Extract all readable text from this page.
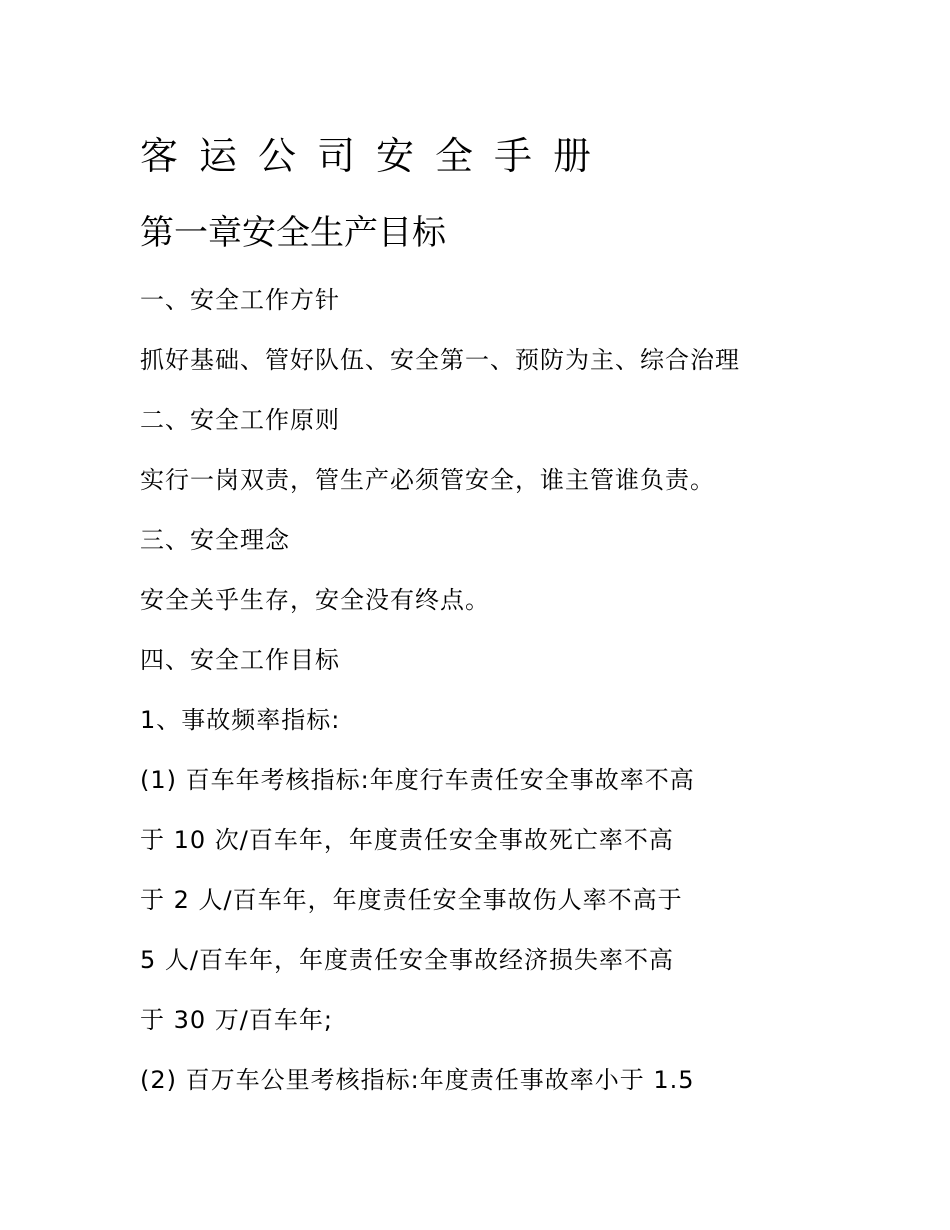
客运公司安全手册
第一章安全生产目标

一、安全工作方针

抓好基础、管好队伍、安全第一、预防为主、综合治理

二、安全工作原则

实行一岗双责，管生产必须管安全，谁主管谁负责。

三、安全理念

安全关乎生存，安全没有终点。

四、安全工作目标

1、事故频率指标:

(1) 百车年考核指标:年度行车责任安全事故率不高

于 10 次/百车年，年度责任安全事故死亡率不高

于 2 人/百车年，年度责任安全事故伤人率不高于

5 人/百车年，年度责任安全事故经济损失率不高

于 30 万/百车年;

(2) 百万车公里考核指标:年度责任事故率小于 1.5
